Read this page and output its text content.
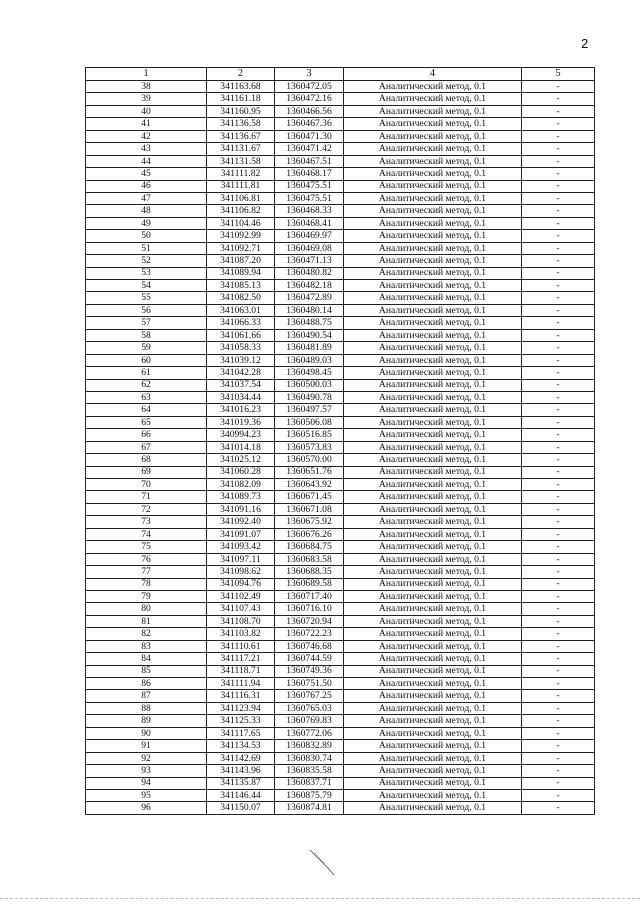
2
1	2	3	4	5
38	341163.68	1360472.05	Аналитический метод, 0.1	-
39	341161.18	1360472.16	Аналитический метод, 0.1	-
40	341160.95	1360466.56	Аналитический метод, 0.1	-
41	341136.58	1360467.36	Аналитический метод, 0.1	-
42	341136.67	1360471.30	Аналитический метод, 0.1	-
43	341131.67	1360471.42	Аналитический метод, 0.1	-
44	341131.58	1360467.51	Аналитический метод, 0.1	-
45	341111.82	1360468.17	Аналитический метод, 0.1	-
46	341111.81	1360475.51	Аналитический метод, 0.1	-
47	341106.81	1360475.51	Аналитический метод, 0.1	-
48	341106.82	1360468.33	Аналитический метод, 0.1	-
49	341104.46	1360468.41	Аналитический метод, 0.1	-
50	341092.99	1360469.97	Аналитический метод, 0.1	-
51	341092.71	1360469.08	Аналитический метод, 0.1	-
52	341087.20	1360471.13	Аналитический метод, 0.1	-
53	341089.94	1360480.82	Аналитический метод, 0.1	-
54	341085.13	1360482.18	Аналитический метод, 0.1	-
55	341082.50	1360472.89	Аналитический метод, 0.1	-
56	341063.01	1360480.14	Аналитический метод, 0.1	-
57	341066.33	1360488.75	Аналитический метод, 0.1	-
58	341061.66	1360490.54	Аналитический метод, 0.1	-
59	341058.33	1360481.89	Аналитический метод, 0.1	-
60	341039.12	1360489.03	Аналитический метод, 0.1	-
61	341042.28	1360498.45	Аналитический метод, 0.1	-
62	341037.54	1360500.03	Аналитический метод, 0.1	-
63	341034.44	1360490.78	Аналитический метод, 0.1	-
64	341016.23	1360497.57	Аналитический метод, 0.1	-
65	341019.36	1360506.08	Аналитический метод, 0.1	-
66	340994.23	1360516.85	Аналитический метод, 0.1	-
67	341014.18	1360573.83	Аналитический метод, 0.1	-
68	341025.12	1360570.00	Аналитический метод, 0.1	-
69	341060.28	1360651.76	Аналитический метод, 0.1	-
70	341082.09	1360643.92	Аналитический метод, 0.1	-
71	341089.73	1360671.45	Аналитический метод, 0.1	-
72	341091.16	1360671.08	Аналитический метод, 0.1	-
73	341092.40	1360675.92	Аналитический метод, 0.1	-
74	341091.07	1360676.26	Аналитический метод, 0.1	-
75	341093.42	1360684.75	Аналитический метод, 0.1	-
76	341097.11	1360683.58	Аналитический метод, 0.1	-
77	341098.62	1360688.35	Аналитический метод, 0.1	-
78	341094.76	1360689.58	Аналитический метод, 0.1	-
79	341102.49	1360717.40	Аналитический метод, 0.1	-
80	341107.43	1360716.10	Аналитический метод, 0.1	-
81	341108.70	1360720.94	Аналитический метод, 0.1	-
82	341103.82	1360722.23	Аналитический метод, 0.1	-
83	341110.61	1360746.68	Аналитический метод, 0.1	-
84	341117.21	1360744.59	Аналитический метод, 0.1	-
85	341118.71	1360749.36	Аналитический метод, 0.1	-
86	341111.94	1360751.50	Аналитический метод, 0.1	-
87	341116.31	1360767.25	Аналитический метод, 0.1	-
88	341123.94	1360765.03	Аналитический метод, 0.1	-
89	341125.33	1360769.83	Аналитический метод, 0.1	-
90	341117.65	1360772.06	Аналитический метод, 0.1	-
91	341134.53	1360832.89	Аналитический метод, 0.1	-
92	341142.69	1360830.74	Аналитический метод, 0.1	-
93	341143.96	1360835.58	Аналитический метод, 0.1	-
94	341135.87	1360837.71	Аналитический метод, 0.1	-
95	341146.44	1360875.79	Аналитический метод, 0.1	-
96	341150.07	1360874.81	Аналитический метод, 0.1	-
